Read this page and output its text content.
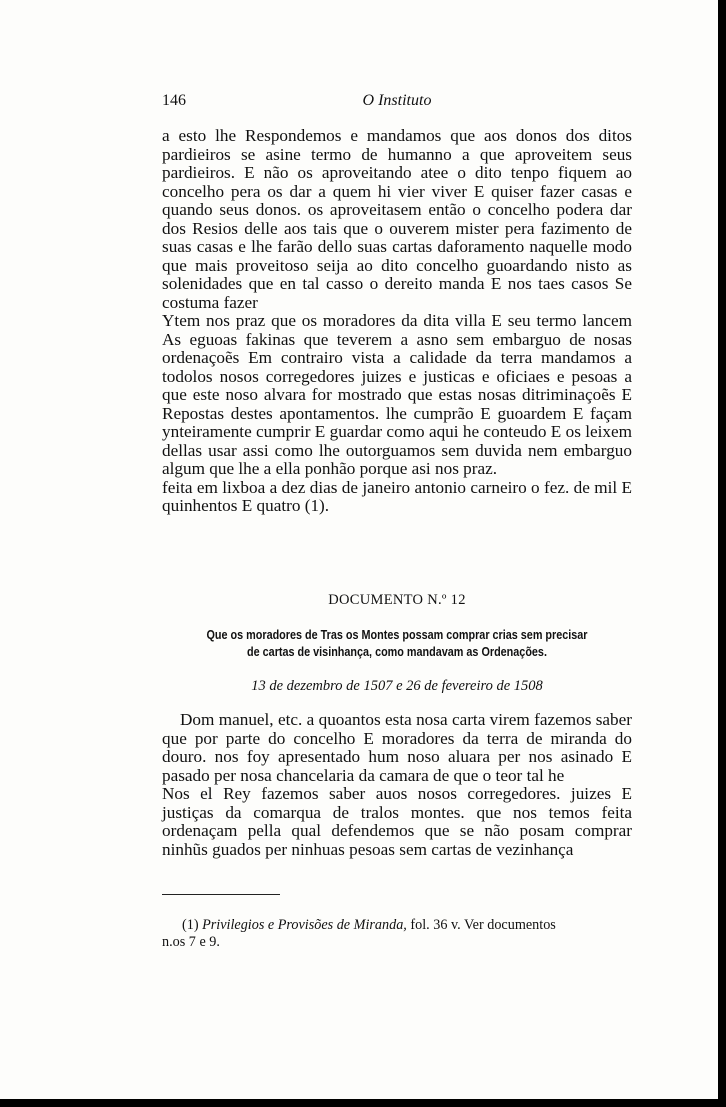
146	O Instituto

a esto lhe Respondemos e mandamos que aos donos dos ditos pardieiros se asine termo de humanno a que aproveitem seus pardieiros. E não os aproveitando atee o dito tenpo fiquem ao concelho pera os dar a quem hi vier viver E quiser fazer casas e quando seus donos. os aproveitasem então o concelho podera dar dos Resios delle aos tais que o ouverem mister pera fazimento de suas casas e lhe farão dello suas cartas daforamento naquelle modo que mais proveitoso seija ao dito concelho guoardando nisto as solenidades que en tal casso o dereito manda E nos taes casos Se costuma fazer

Ytem nos praz que os moradores da dita villa E seu termo lancem As eguoas fakinas que teverem a asno sem embarguo de nosas ordenaçoẽs Em contrairo vista a calidade da terra mandamos a todolos nosos corregedores juizes e justicas e oficiaes e pesoas a que este noso alvara for mostrado que estas nosas ditriminaçoẽs E Repostas destes apontamentos. lhe cumprão E guoardem E façam ynteiramente cumprir E guardar como aqui he conteudo E os leixem dellas usar assi como lhe outorguamos sem duvida nem embarguo algum que lhe a ella ponhão porque asi nos praz.

feita em lixboa a dez dias de janeiro antonio carneiro o fez. de mil E quinhentos E quatro (1).

DOCUMENTO N.º 12
Que os moradores de Tras os Montes possam comprar crias sem precisar
de cartas de visinhança, como mandavam as Ordenações.
13 de dezembro de 1507 e 26 de fevereiro de 1508

Dom manuel, etc. a quoantos esta nosa carta virem fazemos saber que por parte do concelho E moradores da terra de miranda do douro. nos foy apresentado hum noso aluara per nos asinado E pasado per nosa chancelaria da camara de que o teor tal he

Nos el Rey fazemos saber auos nosos corregedores. juizes E justiças da comarqua de tralos montes. que nos temos feita ordenaçam pella qual defendemos que se não posam comprar ninhũs guados per ninhuas pesoas sem cartas de vezinhança

(1) Privilegios e Provisões de Miranda, fol. 36 v. Ver documentos
n.os 7 e 9.
